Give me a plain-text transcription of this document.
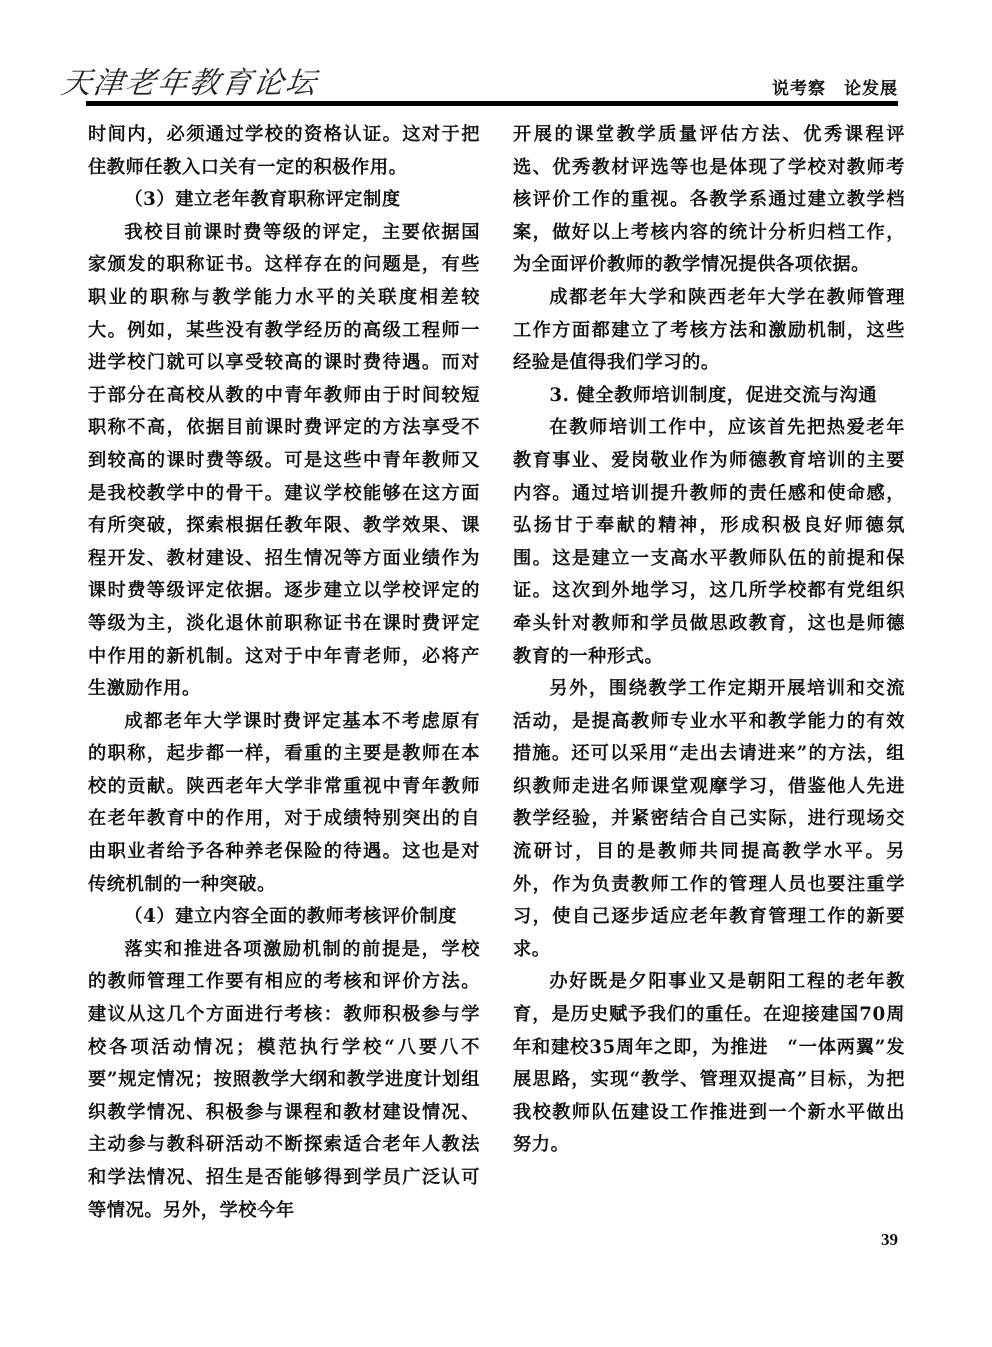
天津老年教育论坛	说考察　论发展

时间内，必须通过学校的资格认证。这对于把住教师任教入口关有一定的积极作用。

（3）建立老年教育职称评定制度

我校目前课时费等级的评定，主要依据国家颁发的职称证书。这样存在的问题是，有些职业的职称与教学能力水平的关联度相差较大。例如，某些没有教学经历的高级工程师一进学校门就可以享受较高的课时费待遇。而对于部分在高校从教的中青年教师由于时间较短职称不高，依据目前课时费评定的方法享受不到较高的课时费等级。可是这些中青年教师又是我校教学中的骨干。建议学校能够在这方面有所突破，探索根据任教年限、教学效果、课程开发、教材建设、招生情况等方面业绩作为课时费等级评定依据。逐步建立以学校评定的等级为主，淡化退休前职称证书在课时费评定中作用的新机制。这对于中年青老师，必将产生激励作用。

成都老年大学课时费评定基本不考虑原有的职称，起步都一样，看重的主要是教师在本校的贡献。陕西老年大学非常重视中青年教师在老年教育中的作用，对于成绩特别突出的自由职业者给予各种养老保险的待遇。这也是对传统机制的一种突破。

（4）建立内容全面的教师考核评价制度

落实和推进各项激励机制的前提是，学校的教师管理工作要有相应的考核和评价方法。建议从这几个方面进行考核：教师积极参与学校各项活动情况；模范执行学校“八要八不要”规定情况；按照教学大纲和教学进度计划组织教学情况、积极参与课程和教材建设情况、主动参与教科研活动不断探索适合老年人教法和学法情况、招生是否能够得到学员广泛认可等情况。另外，学校今年

开展的课堂教学质量评估方法、优秀课程评选、优秀教材评选等也是体现了学校对教师考核评价工作的重视。各教学系通过建立教学档案，做好以上考核内容的统计分析归档工作，为全面评价教师的教学情况提供各项依据。

成都老年大学和陕西老年大学在教师管理工作方面都建立了考核方法和激励机制，这些经验是值得我们学习的。

3. 健全教师培训制度，促进交流与沟通

在教师培训工作中，应该首先把热爱老年教育事业、爱岗敬业作为师德教育培训的主要内容。通过培训提升教师的责任感和使命感，弘扬甘于奉献的精神，形成积极良好师德氛围。这是建立一支高水平教师队伍的前提和保证。这次到外地学习，这几所学校都有党组织牵头针对教师和学员做思政教育，这也是师德教育的一种形式。

另外，围绕教学工作定期开展培训和交流活动，是提高教师专业水平和教学能力的有效措施。还可以采用“走出去请进来”的方法，组织教师走进名师课堂观摩学习，借鉴他人先进教学经验，并紧密结合自己实际，进行现场交流研讨，目的是教师共同提高教学水平。另外，作为负责教师工作的管理人员也要注重学习，使自己逐步适应老年教育管理工作的新要求。

办好既是夕阳事业又是朝阳工程的老年教育，是历史赋予我们的重任。在迎接建国70周年和建校35周年之即，为推进　“一体两翼”发展思路，实现“教学、管理双提高”目标，为把我校教师队伍建设工作推进到一个新水平做出努力。

39
